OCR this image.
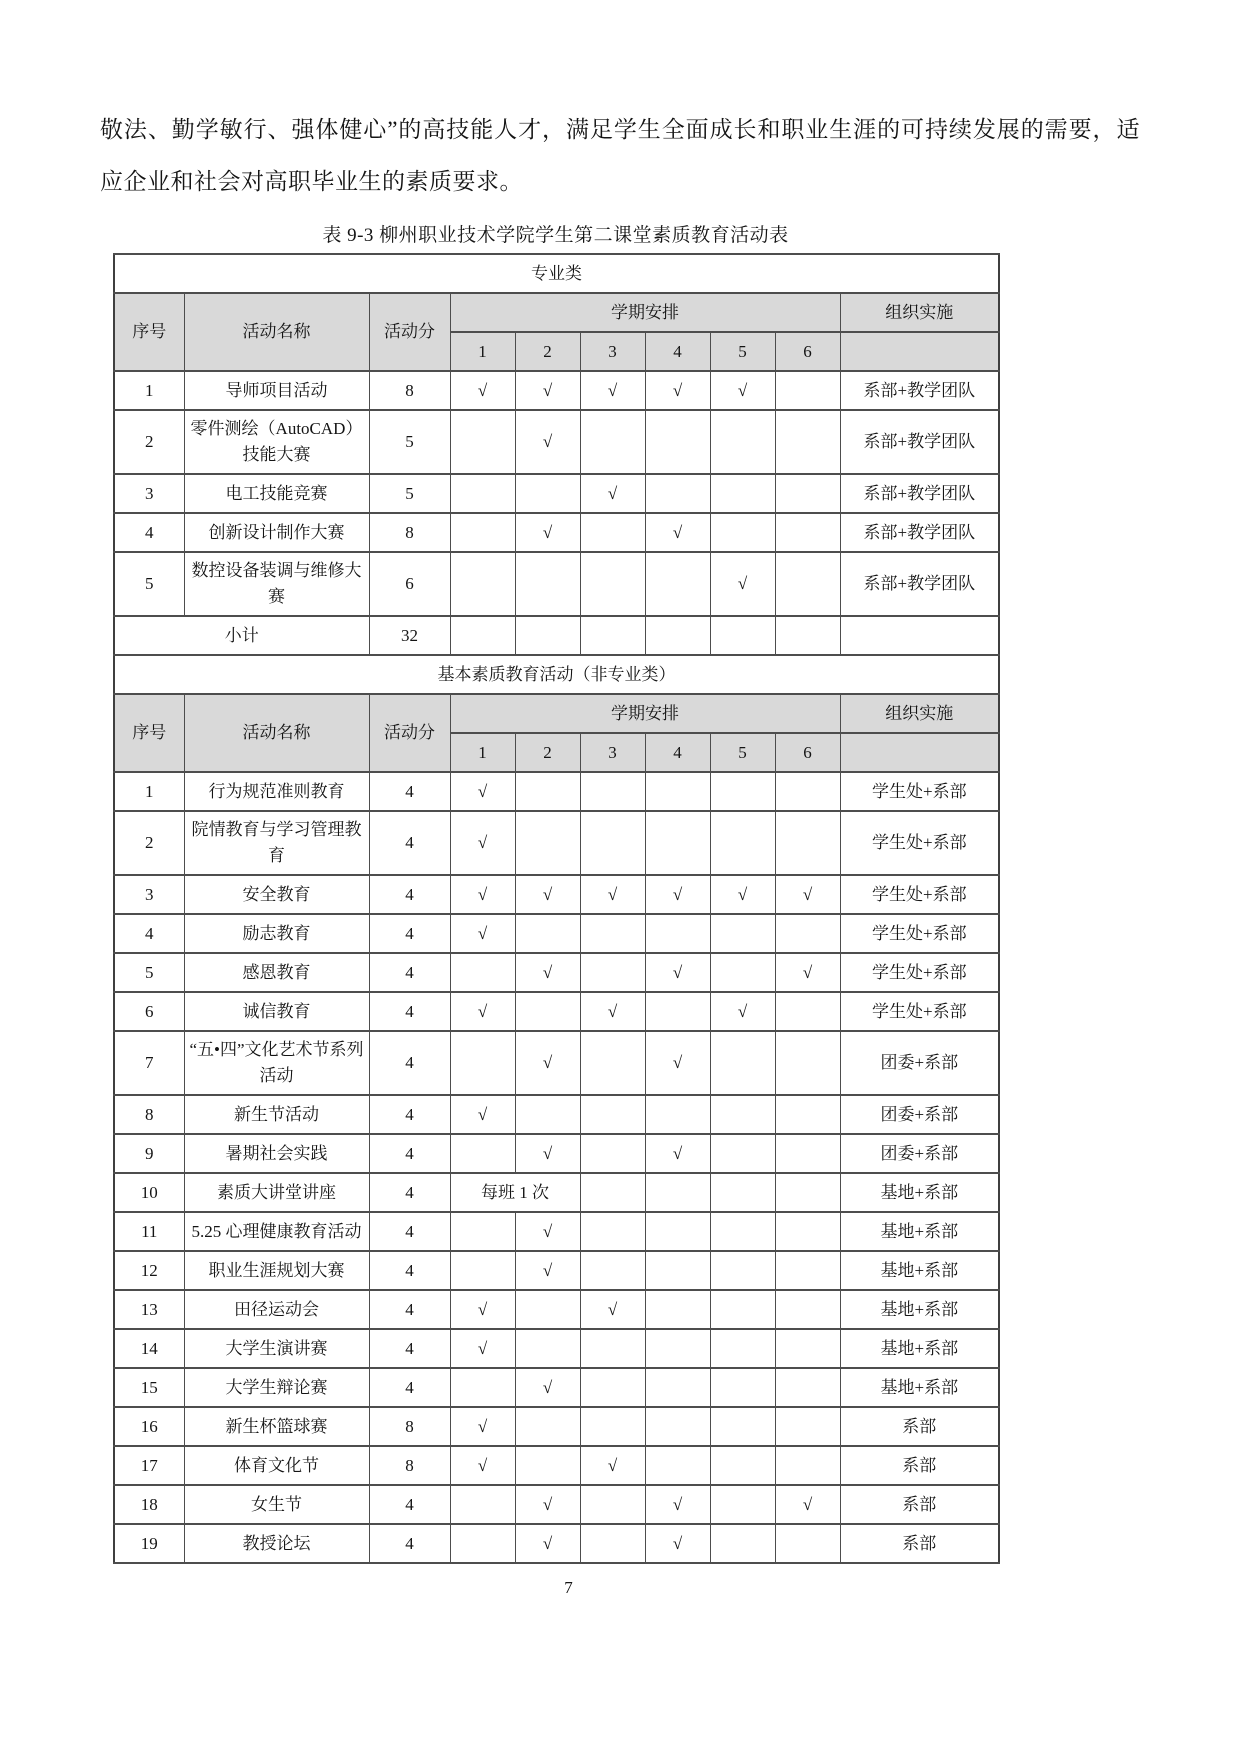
敬法、勤学敏行、强体健心”的高技能人才，满足学生全面成长和职业生涯的可持续发展的需要，适应企业和社会对高职毕业生的素质要求。

表 9-3 柳州职业技术学院学生第二课堂素质教育活动表

专业类									
序号	活动名称	活动分	学期安排						组织实施
			1	2	3	4	5	6	
1	导师项目活动	8	√	√	√	√	√		系部+教学团队
2	零件测绘（AutoCAD）技能大赛	5		√					系部+教学团队
3	电工技能竞赛	5			√				系部+教学团队
4	创新设计制作大赛	8		√		√			系部+教学团队
5	数控设备装调与维修大赛	6					√		系部+教学团队
小计		32							
基本素质教育活动（非专业类）									
序号	活动名称	活动分	学期安排						组织实施
			1	2	3	4	5	6	
1	行为规范准则教育	4	√						学生处+系部
2	院情教育与学习管理教育	4	√						学生处+系部
3	安全教育	4	√	√	√	√	√	√	学生处+系部
4	励志教育	4	√						学生处+系部
5	感恩教育	4		√		√		√	学生处+系部
6	诚信教育	4	√		√		√		学生处+系部
7	“五•四”文化艺术节系列活动	4		√		√			团委+系部
8	新生节活动	4	√						团委+系部
9	暑期社会实践	4		√		√			团委+系部
10	素质大讲堂讲座	4	每班 1 次						基地+系部
11	5.25 心理健康教育活动	4		√					基地+系部
12	职业生涯规划大赛	4		√					基地+系部
13	田径运动会	4	√		√				基地+系部
14	大学生演讲赛	4	√						基地+系部
15	大学生辩论赛	4		√					基地+系部
16	新生杯篮球赛	8	√						系部
17	体育文化节	8	√		√				系部
18	女生节	4		√		√		√	系部
19	教授论坛	4		√		√			系部
7
